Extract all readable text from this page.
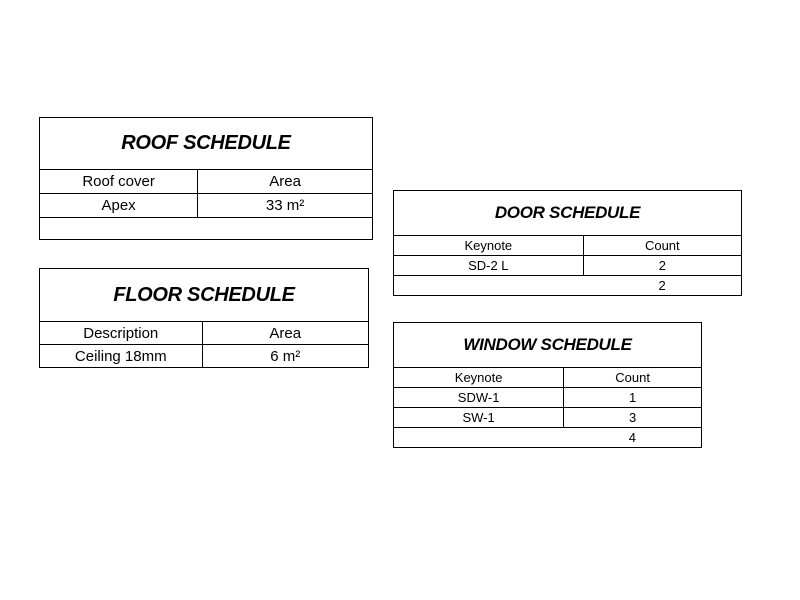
ROOF SCHEDULE
Roof cover	Area
Apex	33 m²

FLOOR SCHEDULE
Description	Area
Ceiling 18mm	6 m²
DOOR SCHEDULE
Keynote	Count
SD-2 L	2
	2
WINDOW SCHEDULE
Keynote	Count
SDW-1	1
SW-1	3
	4
